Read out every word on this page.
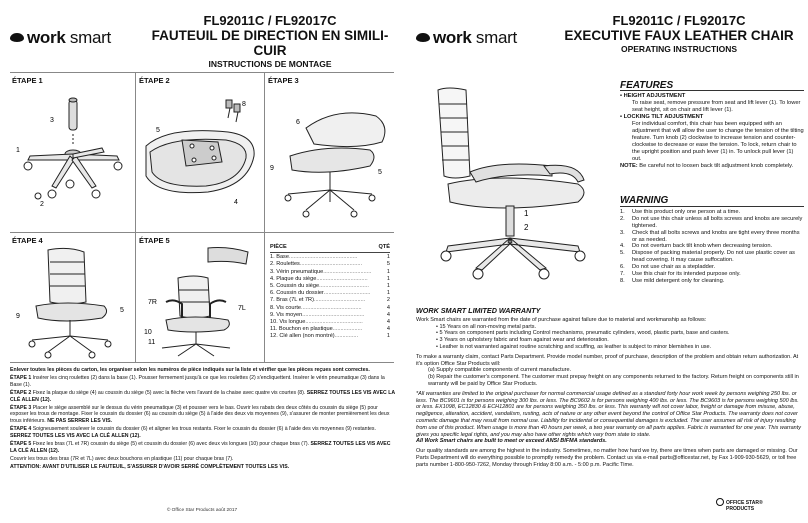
work smart
FL92011C / FL92017C
FAUTEUIL DE DIRECTION EN SIMILI-CUIR
INSTRUCTIONS DE MONTAGE
ÉTAPE 1	ÉTAPE 2	ÉTAPE 3
ÉTAPE 4	ÉTAPE 5
3
1
2
8
5
4
6
9
5
5
9
7R
7L
11
10
PIÈCE	QTÉ
1. Base ............................................	1
2. Roulettes ........................................	5
3. Vérin pneumatique ...............................	1
4. Plaque du siège .................................	1
5. Coussin du siège ................................	1
6. Coussin du dossier ..............................	1
7. Bras (7L et 7R) .................................	2
8. Vis courte .......................................	4
9. Vis moyen ........................................	4
10. Vis longue .....................................	4
11. Bouchon en plastique ...................	4
12. Clé allen (non montré) ...............	1

Enlever toutes les pièces du carton, les organiser selon les numéros de pièce indiqués sur la liste et vérifier que les pièces reçues sont correctes.

ÉTAPE 1 Insérer les cinq roulettes (2) dans la base (1). Pousser fermement jusqu'à ce que les roulettes (2) s'encliquettent. Insérer le vérin pneumatique (3) dans la Base (1).

ÉTAPE 2 Fixez la plaque du siège (4) au coussin du siège (5) avec la flèche vers l'avant de la chaise avec quatre vis courtes (8). SERREZ TOUTES LES VIS AVEC LA CLÉ ALLEN (12).

ÉTAPE 3 Placer le siège assemblé sur le dessus du vérin pneumatique (3) et pousser vers le bas. Ouvrir les rabats des deux côtés du coussin du siège (5) pour exposer les trous de montage. Fixer le coussin du dossier (6) au coussin du siège (5) à l'aide des deux vis moyennes (9), s'assurer de monter premièrement les deux trous inférieurs. NE PAS SERRER LES VIS.

ÉTAPE 4 Soigneusement soulever le coussin du dossier (6) et aligner les trous restants. Fixer le coussin du dossier (6) à l'aide des vis moyennes (9) restantes. SERREZ TOUTES LES VIS AVEC LA CLÉ ALLEN (12).

ÉTAPE 5 Fixez les bras (7L et 7R) coussin du siège (5) et coussin du dossier (6) avec deux vis longues (10) pour chaque bras (7). SERREZ TOUTES LES VIS AVEC LA CLÉ ALLEN (12).

Couvrir les trous des bras (7R et 7L) avec deux bouchons en plastique (11) pour chaque bras (7).

ATTENTION: AVANT D'UTILISER LE FAUTEUIL, S'ASSURER D'AVOIR SERRÉ COMPLÈTEMENT TOUTES LES VIS.

© Office Star Products août 2017
work smart
FL92011C / FL92017C
EXECUTIVE FAUX LEATHER CHAIR
OPERATING INSTRUCTIONS
2
1
FEATURES
• HEIGHT ADJUSTMENT
To raise seat, remove pressure from seat and lift lever (1). To lower seat height, sit on chair and lift lever (1).
• LOCKING TILT ADJUSTMENT
For individual comfort, this chair has been equipped with an adjustment that will allow the user to change the tension of the tilting feature. Turn knob (2) clockwise to increase tension and counter-clockwise to decrease or ease the tension. To lock, return chair to the upright position and push lever (1) in. To unlock pull lever (1) out.
NOTE: Be careful not to loosen back tilt adjustment knob completely.
WARNING
1.	Use this product only one person at a time.
2.	Do not use this chair unless all bolts screws and knobs are securely tightened.
3.	Check that all bolts screws and knobs are tight every three months or as needed.
4.	Do not overturn back tilt knob when decreasing tension.
5.	Dispose of packing material properly. Do not use plastic cover as head covering. It may cause suffocation.
6.	Do not use chair as a stepladder.
7.	Use this chair for its intended purpose only.
8.	Use mild detergent only for cleaning.
WORK SMART LIMITED WARRANTY
Work Smart chairs are warranted from the date of purchase against failure due to material and workmanship as follows:
• 15 Years on all non-moving metal parts.
• 5 Years on component parts including Control mechanisms, pneumatic cylinders, wood, plastic parts, base and casters.
• 3 Years on upholstery fabric and foam against wear and deterioration.
• Leather is not warranted against routine scratching and scuffing, as leather is subject to minor blemishes in use.
To make a warranty claim, contact Parts Department. Provide model number, proof of purchase, description of the problem and obtain return authorization. At it's option Office Star Products will:
(a) Supply compatible components of current manufacture.
(b) Repair the customer's component. The customer must prepay freight on any components returned to the factory. Return freight on components still in warranty will be paid by Office Star Products.

*All warranties are limited to the original purchaser for normal commercial usage defined as a standard forty hour work week by persons weighing 250 lbs. or less. The BC9601 is for persons weighing 300 lbs. or less. The BC9602 is for persons weighing 400 lbs. or less. The BC9603 is for persons weighing 500 lbs. or less. EX1098, EC12830 & ECH12801 are for persons weighing 350 lbs. or less. This warranty will not cover labor, freight or damage from misuse, abuse, negligence, alteration, accident, vandalism, rusting, acts of nature or any other event beyond the control of Office Star Products. The warranty does not cover cosmetic damage that may result from normal use. Liability for incidental or consequential damages is excluded. The user assumes all risk of injury resulting from use of this product. When usage is more than 40 hours per week, a two year warranty on all parts applies. Fabric is warranted for one year. This warranty gives you specific legal rights, and you may also have other rights which vary from state to state.
All Work Smart chairs are built to meet or exceed ANSI BIFMA standards.

Our quality standards are among the highest in the industry. Sometimes, no matter how hard we try, there are times when parts are damaged or missing. Our Parts Department will do everything possible to promptly remedy the problem. Contact us via e-mail parts@officestar.net, by Fax 1-909-930-5629, or toll free parts number 1-800-950-7262, Monday through Friday 8:00 a.m. - 5:00 p.m. Pacific Time.

OFFICE STAR®
PRODUCTS
